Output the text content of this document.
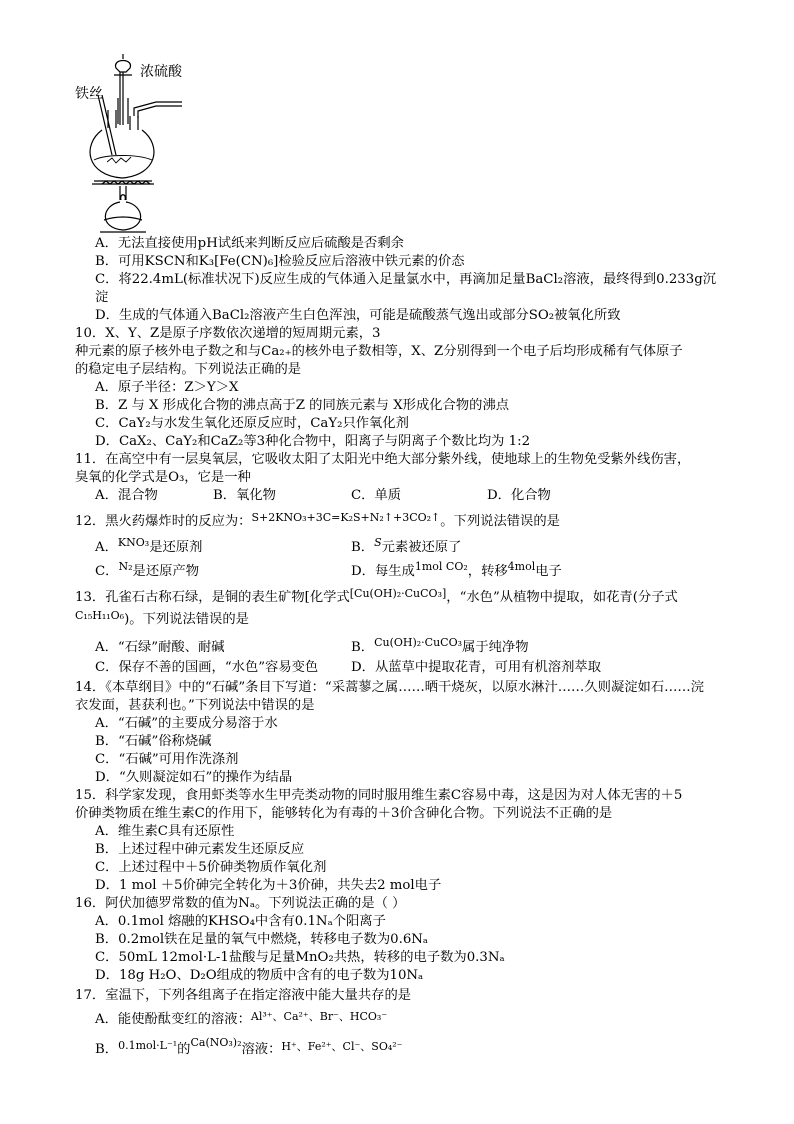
浓硫酸
铁丝
A．无法直接使用pH试纸来判断反应后硫酸是否剩余
B．可用KSCN和K₃[Fe(CN)₆]检验反应后溶液中铁元素的价态
C．将22.4mL(标准状况下)反应生成的气体通入足量氯水中，再滴加足量BaCl₂溶液，最终得到0.233g沉
淀
D．生成的气体通入BaCl₂溶液产生白色浑浊，可能是硫酸蒸气逸出或部分SO₂被氧化所致
10．X、Y、Z是原子序数依次递增的短周期元素，3
种元素的原子核外电子数之和与Ca₂₊的核外电子数相等，X、Z分别得到一个电子后均形成稀有气体原子
的稳定电子层结构。下列说法正确的是
A．原子半径：Z＞Y＞X
B．Z 与 X 形成化合物的沸点高于Z 的同族元素与 X形成化合物的沸点
C．CaY₂与水发生氧化还原反应时，CaY₂只作氧化剂
D．CaX₂、CaY₂和CaZ₂等3种化合物中，阳离子与阴离子个数比均为 1:2
11．在高空中有一层臭氧层，它吸收太阳了太阳光中绝大部分紫外线，使地球上的生物免受紫外线伤害，
臭氧的化学式是O₃，它是一种
A．混合物	B．氧化物	C．单质	D．化合物
12．黑火药爆炸时的反应为：$^{S+2KNO_3+3C=K_2S+N_2↑+3CO_2↑}$。下列说法错误的是
A．$^{KNO_3}$是还原剂	B．$^S$元素被还原了
C．$^{N_2}$是还原产物	D．每生成$^{1mol CO_2}$，转移$^{4mol}$电子
13．孔雀石古称石绿，是铜的表生矿物[化学式[Cu(OH)₂·CuCO₃]，“水色”从植物中提取，如花青(分子式
$^{C_{15}H_{11}O_6}$)。下列说法错误的是
A．“石绿”耐酸、耐碱	B．$^{Cu(OH)_2\cdot CuCO_3}$属于纯净物
C．保存不善的国画，“水色”容易变色 D．从蓝草中提取花青，可用有机溶剂萃取
14．《本草纲目》中的“石碱”条目下写道：“采蒿蓼之属……晒干烧灰，以原水淋汁……久则凝淀如石……浣
衣发面，甚获利也。”下列说法中错误的是
A．“石碱”的主要成分易溶于水
B．“石碱”俗称烧碱
C．“石碱”可用作洗涤剂
D．“久则凝淀如石”的操作为结晶
15．科学家发现，食用虾类等水生甲壳类动物的同时服用维生素C容易中毒，这是因为对人体无害的＋5
价砷类物质在维生素C的作用下，能够转化为有毒的＋3价含砷化合物。下列说法不正确的是
A．维生素C具有还原性
B．上述过程中砷元素发生还原反应
C．上述过程中＋5价砷类物质作氧化剂
D．1 mol ＋5价砷完全转化为＋3价砷，共失去2 mol电子
16．阿伏加德罗常数的值为Nₐ。下列说法正确的是（ ）
A．0.1mol 熔融的KHSO₄中含有0.1Nₐ个阳离子
B．0.2mol铁在足量的氧气中燃烧，转移电子数为0.6Nₐ
C．50mL 12mol·L-1盐酸与足量MnO₂共热，转移的电子数为0.3Nₐ
D．18g H₂O、D₂O组成的物质中含有的电子数为10Nₐ
17．室温下，下列各组离子在指定溶液中能大量共存的是
A．能使酚酞变红的溶液：$^{Al^{3+}、Ca^{2+}、Br^-、HCO_3^-}$
B．$^{0.1mol\cdot L^{-1}}$的$^{Ca(NO_3)_2}$溶液：$^{H^+、Fe^{2+}、Cl^-、SO_4^{2-}}$
